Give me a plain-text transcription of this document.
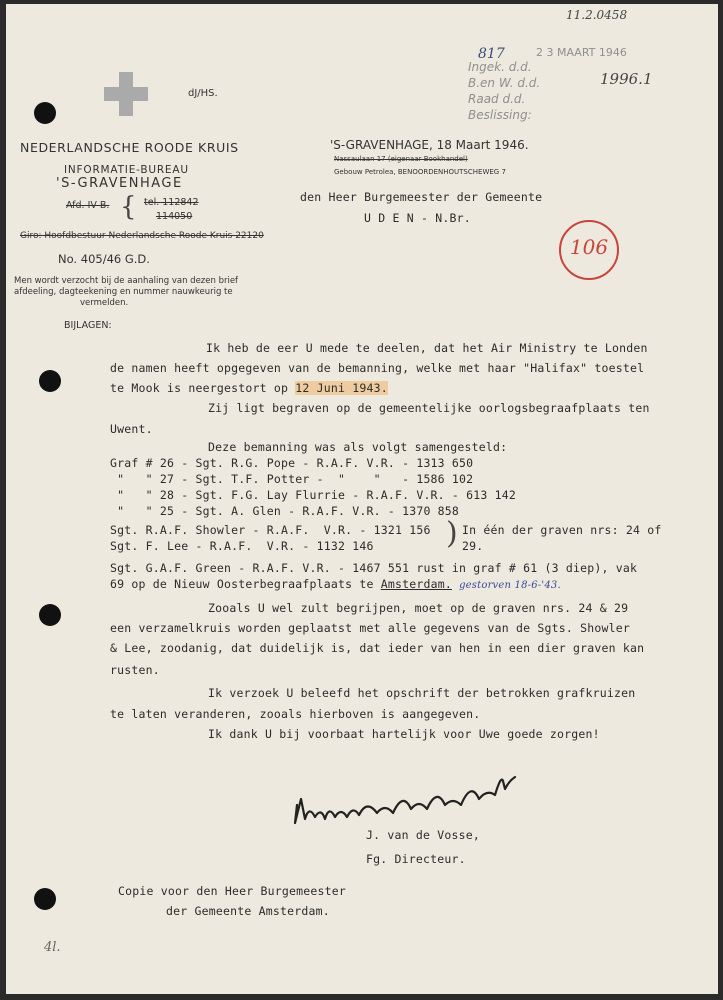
11.2.0458
dJ/HS.
NEDERLANDSCHE ROODE KRUIS
INFORMATIE-BUREAU
'S-GRAVENHAGE
Afd. IV B. { tel. 112842
114050
Giro: Hoofdbestuur Nederlandsche Roode Kruis 22120
No. 405/46 G.D.
Men wordt verzocht bij de aanhaling van dezen brief
afdeeling, dagteekening en nummer nauwkeurig te
vermelden.
BIJLAGEN:
'S-GRAVENHAGE, 18 Maart 1946.
Nassaulaan 17 (eigenaar Bookhandel)
Gebouw Petrolea, BENOORDENHOUTSCHEWEG 7
817
Ingek. d.d.
B.en W. d.d.
Raad d.d.
Beslissing:
2 3 MAART 1946
1996.1
106
den Heer Burgemeester der Gemeente
U D E N - N.Br.
Ik heb de eer U mede te deelen, dat het Air Ministry te Londen
de namen heeft opgegeven van de bemanning, welke met haar "Halifax" toestel
te Mook is neergestort op 12 Juni 1943.
Zij ligt begraven op de gemeentelijke oorlogsbegraafplaats ten
Uwent.
Deze bemanning was als volgt samengesteld:
Graf # 26 - Sgt. R.G. Pope - R.A.F. V.R. - 1313 650
"   " 27 - Sgt. T.F. Potter -  "    "   - 1586 102
"   " 28 - Sgt. F.G. Lay Flurrie - R.A.F. V.R. - 613 142
"   " 25 - Sgt. A. Glen - R.A.F. V.R. - 1370 858
Sgt. R.A.F. Showler - R.A.F.  V.R. - 1321 156
Sgt. F. Lee - R.A.F.  V.R. - 1132 146 ) In één der graven nrs: 24 of
29.
Sgt. G.A.F. Green - R.A.F. V.R. - 1467 551 rust in graf # 61 (3 diep), vak
69 op de Nieuw Oosterbegraafplaats te Amsterdam. gestorven 18-6-'43.
Zooals U wel zult begrijpen, moet op de graven nrs. 24 & 29
een verzamelkruis worden geplaatst met alle gegevens van de Sgts. Showler
& Lee, zoodanig, dat duidelijk is, dat ieder van hen in een dier graven kan
rusten.
Ik verzoek U beleefd het opschrift der betrokken grafkruizen
te laten veranderen, zooals hierboven is aangegeven.
Ik dank U bij voorbaat hartelijk voor Uwe goede zorgen!
J. van de Vosse,
Fg. Directeur.
Copie voor den Heer Burgemeester
der Gemeente Amsterdam.
4l.
